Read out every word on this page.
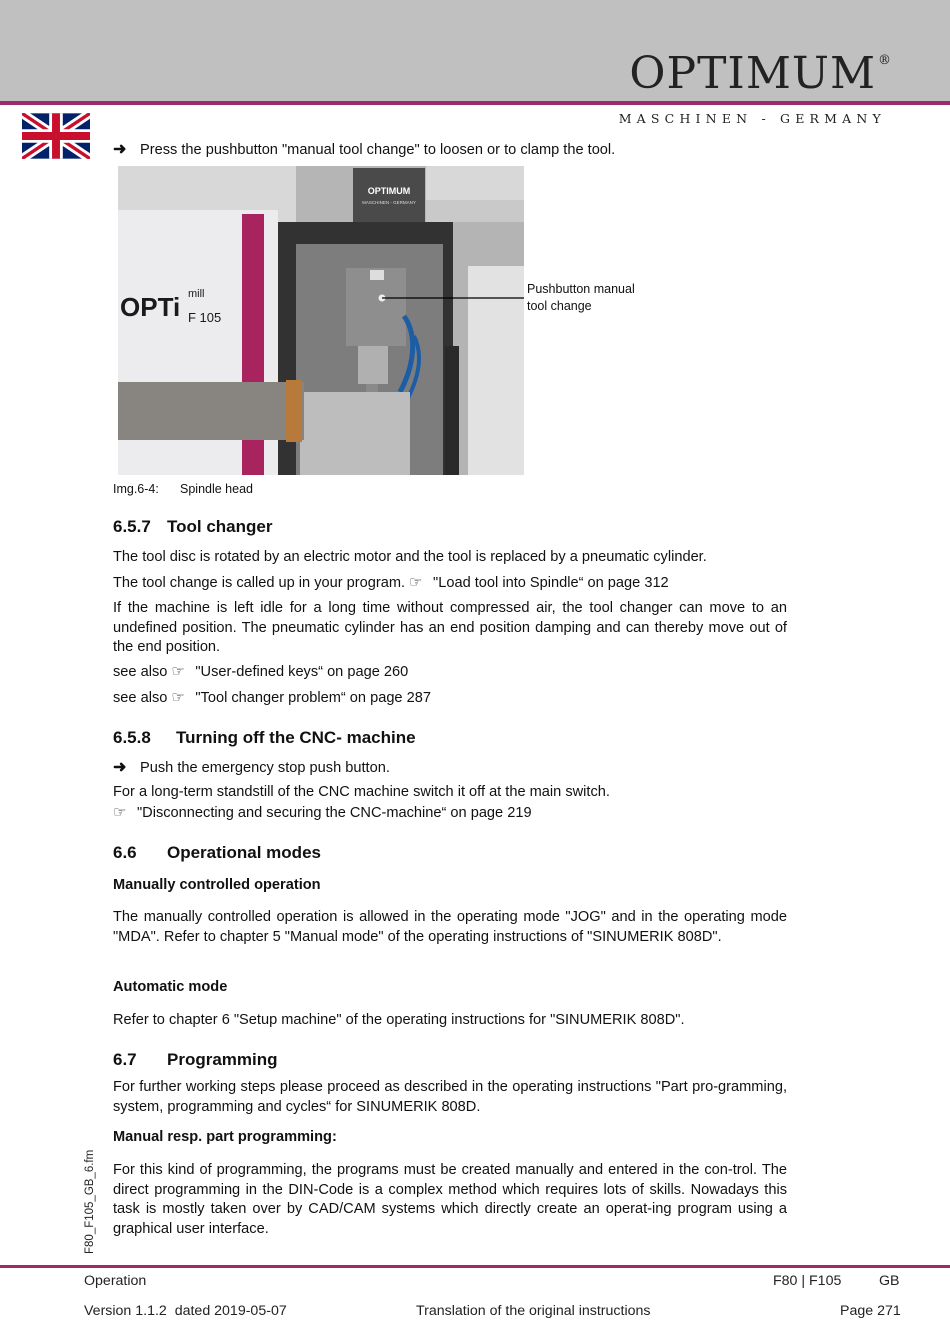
OPTIMUM ®
MASCHINEN - GERMANY
➜ Press the pushbutton "manual tool change" to loosen or to clamp the tool.
OPTIMUM
MASCHINEN - GERMANY
OPTi mill
F 105
Pushbutton manual
tool change
Img.6-4: Spindle head
6.5.7 Tool changer
The tool disc is rotated by an electric motor and the tool is replaced by a pneumatic cylinder.
The tool change is called up in your program. ☞ "Load tool into Spindle“ on page 312
If the machine is left idle for a long time without compressed air, the tool changer can move to an undefined position. The pneumatic cylinder has an end position damping and can thereby move out of the end position.
see also ☞ "User-defined keys“ on page 260
see also ☞ "Tool changer problem“ on page 287
6.5.8 Turning off the CNC- machine
➜ Push the emergency stop push button.
For a long-term standstill of the CNC machine switch it off at the main switch.
☞ "Disconnecting and securing the CNC-machine“ on page 219
6.6 Operational modes
Manually controlled operation
The manually controlled operation is allowed in the operating mode "JOG" and in the operating mode "MDA". Refer to chapter 5 "Manual mode" of the operating instructions of "SINUMERIK 808D".
Automatic mode
Refer to chapter 6 "Setup machine" of the operating instructions for "SINUMERIK 808D".
6.7 Programming
For further working steps please proceed as described in the operating instructions "Part pro-gramming, system, programming and cycles“ for SINUMERIK 808D.
Manual resp. part programming:
For this kind of programming, the programs must be created manually and entered in the con-trol. The direct programming in the DIN-Code is a complex method which requires lots of skills. Nowadays this task is mostly taken over by CAD/CAM systems which directly create an operat-ing program using a graphical user interface.
F80_F105_GB_6.fm
Operation	F80 | F105	GB
Version 1.1.2  dated 2019-05-07	Translation of the original instructions	Page 271
